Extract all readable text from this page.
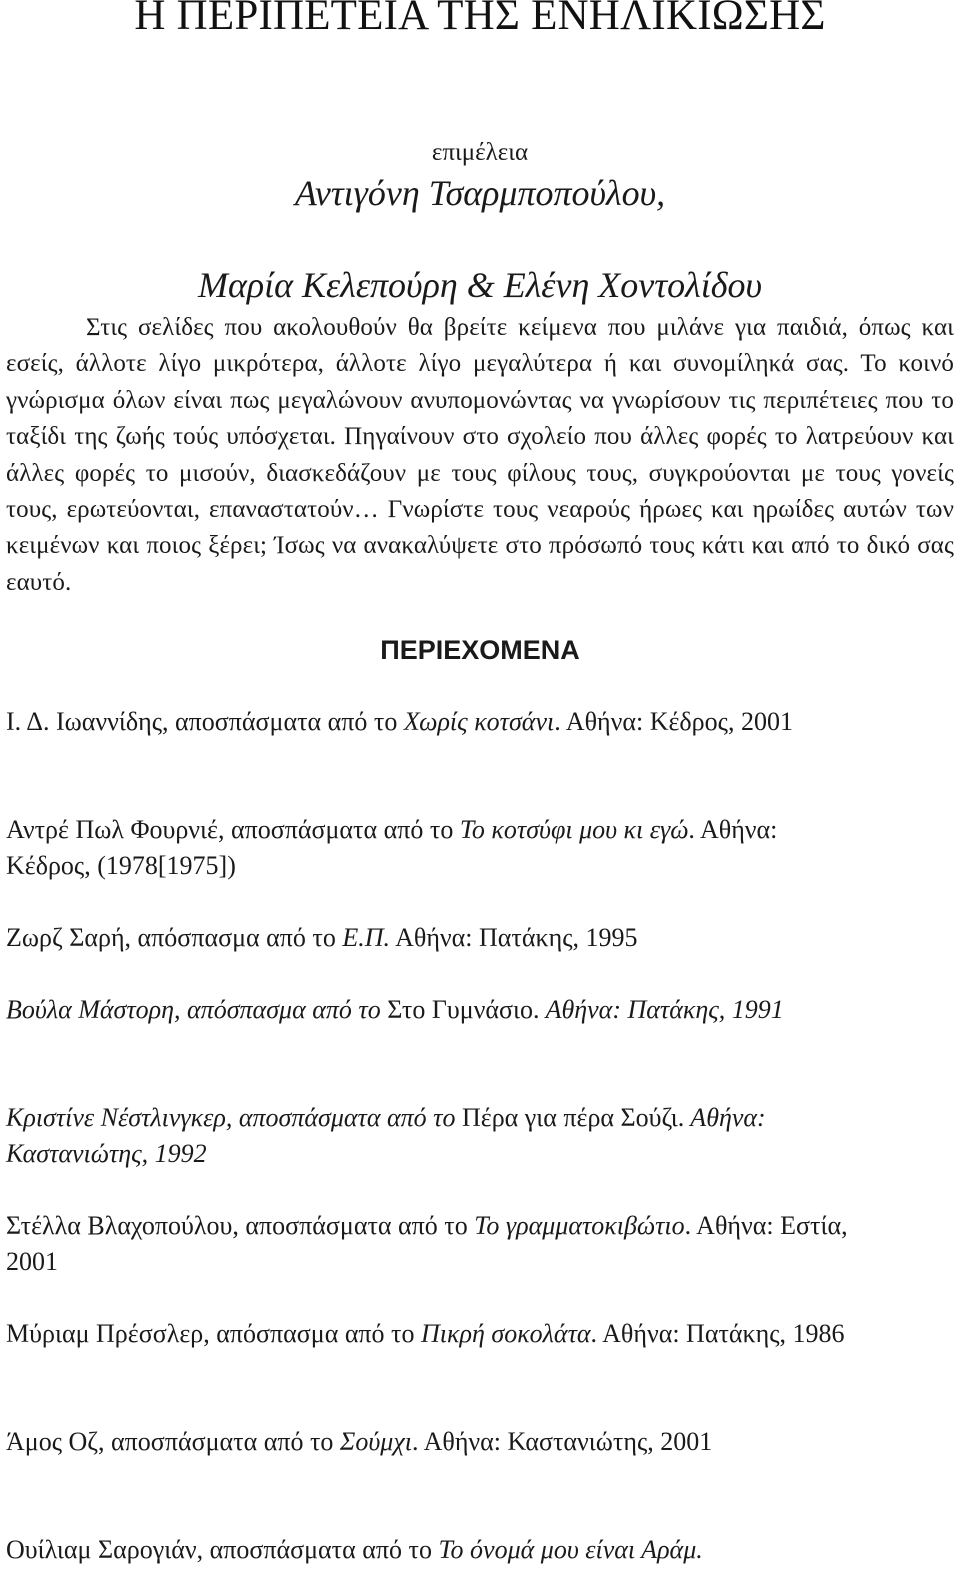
Η ΠΕΡΙΠΕΤΕΙΑ ΤΗΣ ΕΝΗΛΙΚΙΩΣΗΣ
επιμέλεια
Αντιγόνη Τσαρμποπούλου,
Μαρία Κελεπούρη & Ελένη Χοντολίδου
Στις σελίδες που ακολουθούν θα βρείτε κείμενα που μιλάνε για παιδιά, όπως και εσείς, άλλοτε λίγο μικρότερα, άλλοτε λίγο μεγαλύτερα ή και συνομίληκά σας. Το κοινό γνώρισμα όλων είναι πως μεγαλώνουν ανυπομονώντας να γνωρίσουν τις περιπέτειες που το ταξίδι της ζωής τούς υπόσχεται. Πηγαίνουν στο σχολείο που άλλες φορές το λατρεύουν και άλλες φορές το μισούν, διασκεδάζουν με τους φίλους τους, συγκρούονται με τους γονείς τους, ερωτεύονται, επαναστατούν… Γνωρίστε τους νεαρούς ήρωες και ηρωίδες αυτών των κειμένων και ποιος ξέρει; Ίσως να ανακαλύψετε στο πρόσωπό τους κάτι και από το δικό σας εαυτό.
ΠΕΡΙΕΧΟΜΕΝΑ
Ι. Δ. Ιωαννίδης, αποσπάσματα από το Χωρίς κοτσάνι. Αθήνα: Κέδρος, 2001
Αντρέ Πωλ Φουρνιέ, αποσπάσματα από το Το κοτσύφι μου κι εγώ. Αθήνα: Κέδρος, (1978[1975])
Ζωρζ Σαρή, απόσπασμα από το Ε.Π. Αθήνα: Πατάκης, 1995
Βούλα Μάστορη, απόσπασμα από το Στο Γυμνάσιο. Αθήνα: Πατάκης, 1991
Κριστίνε Νέστλινγκερ, αποσπάσματα από το Πέρα για πέρα Σούζι. Αθήνα: Καστανιώτης, 1992
Στέλλα Βλαχοπούλου, αποσπάσματα από το Το γραμματοκιβώτιο. Αθήνα: Εστία, 2001
Μύριαμ Πρέσσλερ, απόσπασμα από το Πικρή σοκολάτα. Αθήνα: Πατάκης, 1986
Άμος Οζ, αποσπάσματα από το Σούμχι. Αθήνα: Καστανιώτης, 2001
Ουίλιαμ Σαρογιάν, αποσπάσματα από το Το όνομά μου είναι Αράμ.
